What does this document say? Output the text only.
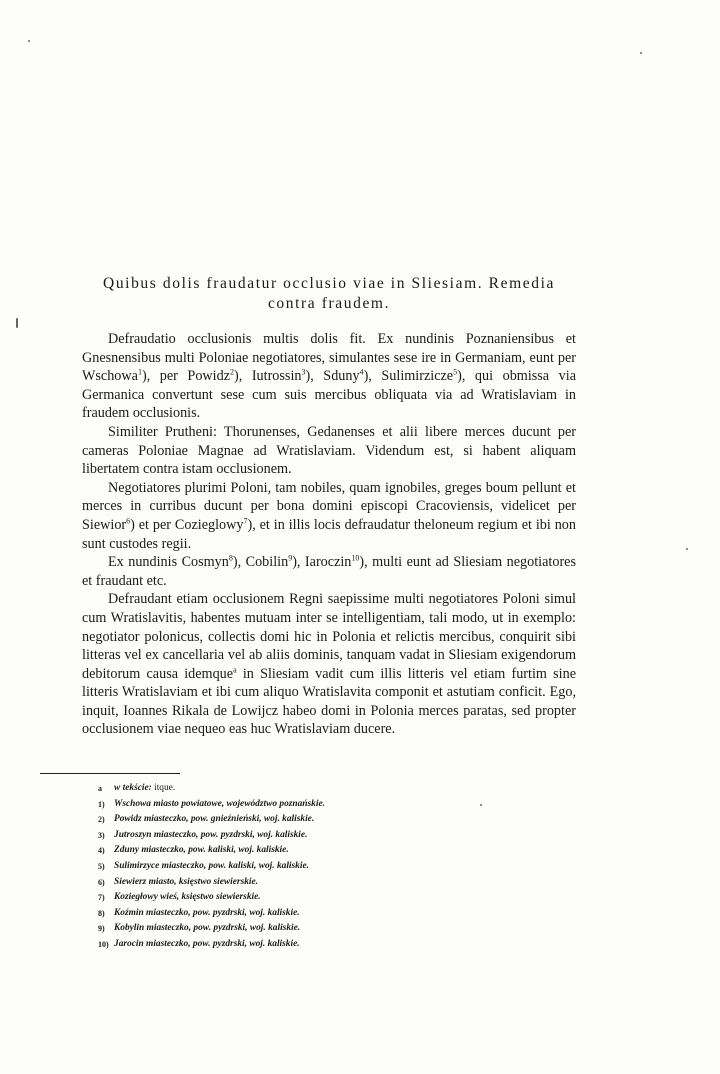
Quibus dolis fraudatur occlusio viae in Sliesiam. Remedia
contra fraudem.

Defraudatio occlusionis multis dolis fit. Ex nundinis Poznaniensibus et Gnesnensibus multi Poloniae negotiatores, simulantes sese ire in Germaniam, eunt per Wschowa$^1$), per Powidz$^2$), Iutrossin$^3$), Sduny$^4$), Sulimirzicze$^5$), qui obmissa via Germanica convertunt sese cum suis mercibus obliquata via ad Wratislaviam in fraudem occlusionis.

Similiter Prutheni: Thorunenses, Gedanenses et alii libere merces ducunt per cameras Poloniae Magnae ad Wratislaviam. Videndum est, si habent aliquam libertatem contra istam occlusionem.

Negotiatores plurimi Poloni, tam nobiles, quam ignobiles, greges boum pellunt et merces in curribus ducunt per bona domini episcopi Cracoviensis, videlicet per Siewior$^6$) et per Cozieglowy$^7$), et in illis locis defraudatur theloneum regium et ibi non sunt custodes regii.

Ex nundinis Cosmyn$^8$), Cobilin$^9$), Iaroczin$^{10}$), multi eunt ad Sliesiam negotiatores et fraudant etc.

Defraudant etiam occlusionem Regni saepissime multi negotiatores Poloni simul cum Wratislavitis, habentes mutuam inter se intelligentiam, tali modo, ut in exemplo: negotiator polonicus, collectis domi hic in Polonia et relictis mercibus, conquirit sibi litteras vel ex cancellaria vel ab aliis dominis, tanquam vadat in Sliesiam exigendorum debitorum causa idemque$^a$ in Sliesiam vadit cum illis litteris vel etiam furtim sine litteris Wratislaviam et ibi cum aliquo Wratislavita componit et astutiam conficit. Ego, inquit, Ioannes Rikala de Lowijcz habeo domi in Polonia merces paratas, sed propter occlusionem viae nequeo eas huc Wratislaviam ducere.

a	w tekście: itque.
1) Wschowa miasto powiatowe, województwo poznańskie.
2) Powidz miasteczko, pow. gnieźnieński, woj. kaliskie.
3) Jutroszyn miasteczko, pow. pyzdrski, woj. kaliskie.
4) Zduny miasteczko, pow. kaliski, woj. kaliskie.
5) Sulimirzyce miasteczko, pow. kaliski, woj. kaliskie.
6) Siewierz miasto, księstwo siewierskie.
7) Koziegłowy wieś, księstwo siewierskie.
8) Koźmin miasteczko, pow. pyzdrski, woj. kaliskie.
9) Kobylin miasteczko, pow. pyzdrski, woj. kaliskie.
10) Jarocin miasteczko, pow. pyzdrski, woj. kaliskie.
